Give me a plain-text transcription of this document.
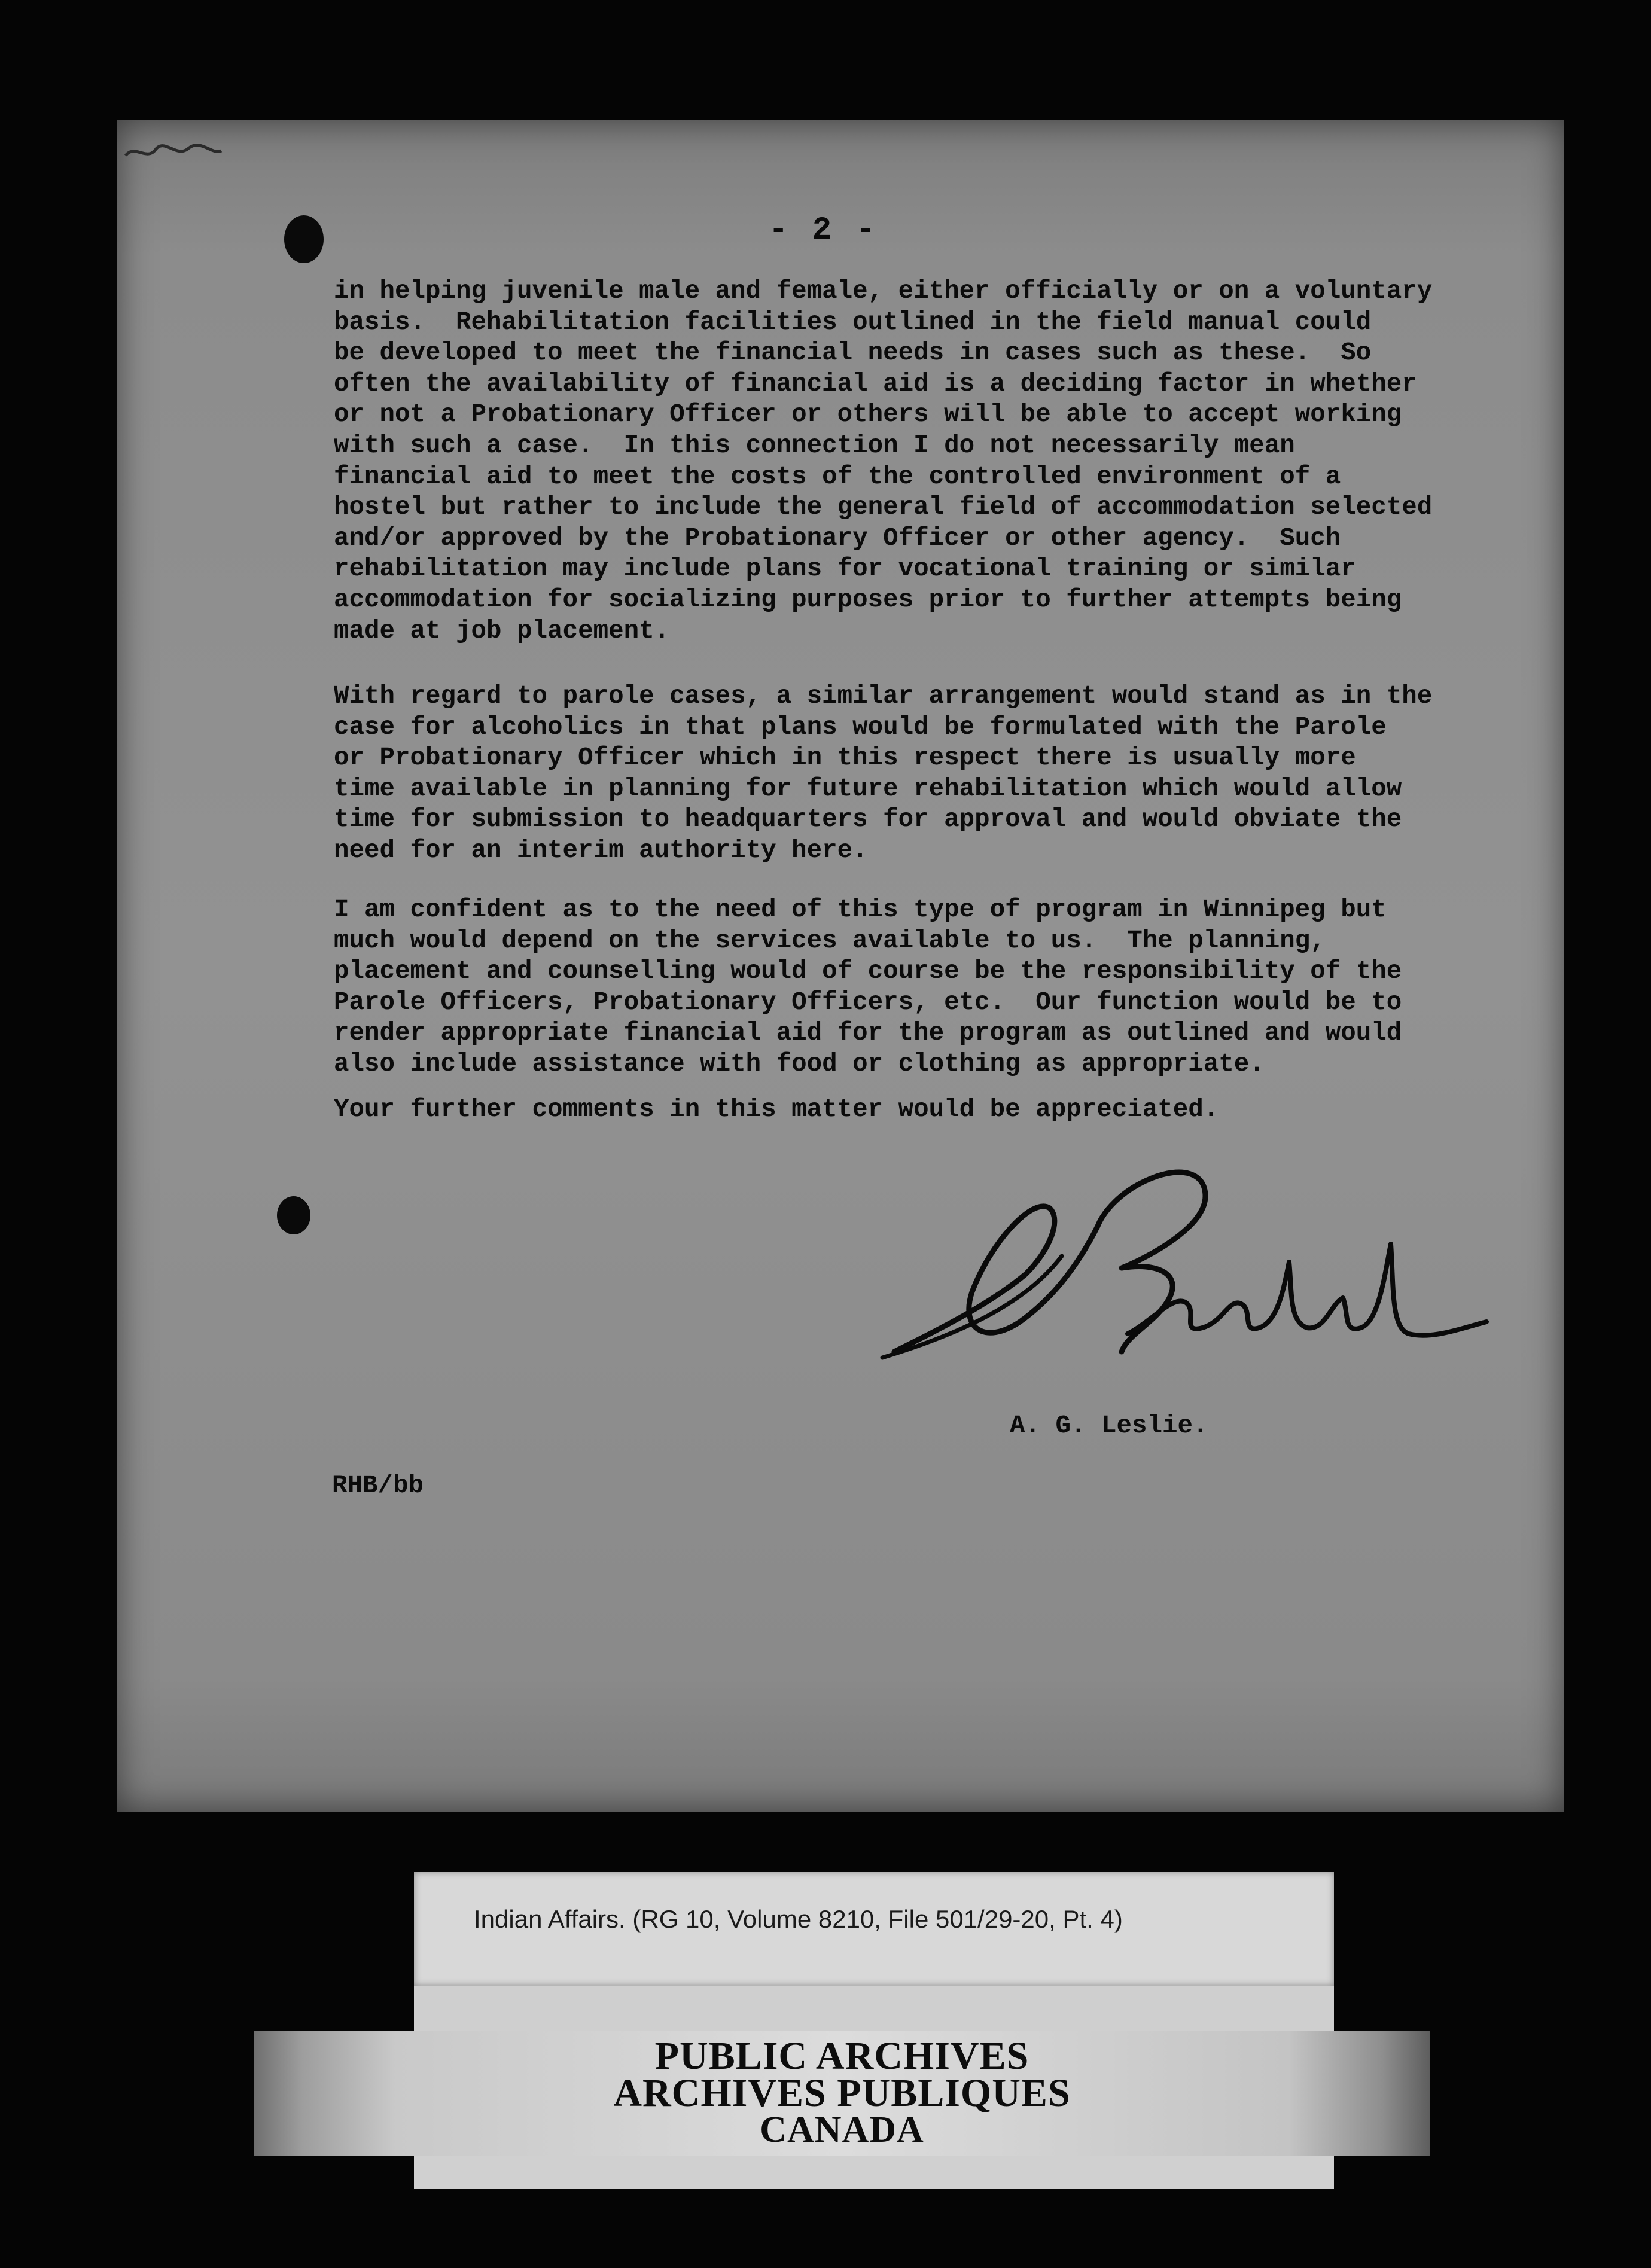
- 2 -
in helping juvenile male and female, either officially or on a voluntary
basis.  Rehabilitation facilities outlined in the field manual could
be developed to meet the financial needs in cases such as these.  So
often the availability of financial aid is a deciding factor in whether
or not a Probationary Officer or others will be able to accept working
with such a case.  In this connection I do not necessarily mean
financial aid to meet the costs of the controlled environment of a
hostel but rather to include the general field of accommodation selected
and/or approved by the Probationary Officer or other agency.  Such
rehabilitation may include plans for vocational training or similar
accommodation for socializing purposes prior to further attempts being
made at job placement.
With regard to parole cases, a similar arrangement would stand as in the
case for alcoholics in that plans would be formulated with the Parole
or Probationary Officer which in this respect there is usually more
time available in planning for future rehabilitation which would allow
time for submission to headquarters for approval and would obviate the
need for an interim authority here.
I am confident as to the need of this type of program in Winnipeg but
much would depend on the services available to us.  The planning,
placement and counselling would of course be the responsibility of the
Parole Officers, Probationary Officers, etc.  Our function would be to
render appropriate financial aid for the program as outlined and would
also include assistance with food or clothing as appropriate.
Your further comments in this matter would be appreciated.
A. G. Leslie.
RHB/bb
Indian Affairs. (RG 10, Volume 8210, File 501/29-20, Pt. 4)
PUBLIC ARCHIVES
ARCHIVES PUBLIQUES
CANADA
